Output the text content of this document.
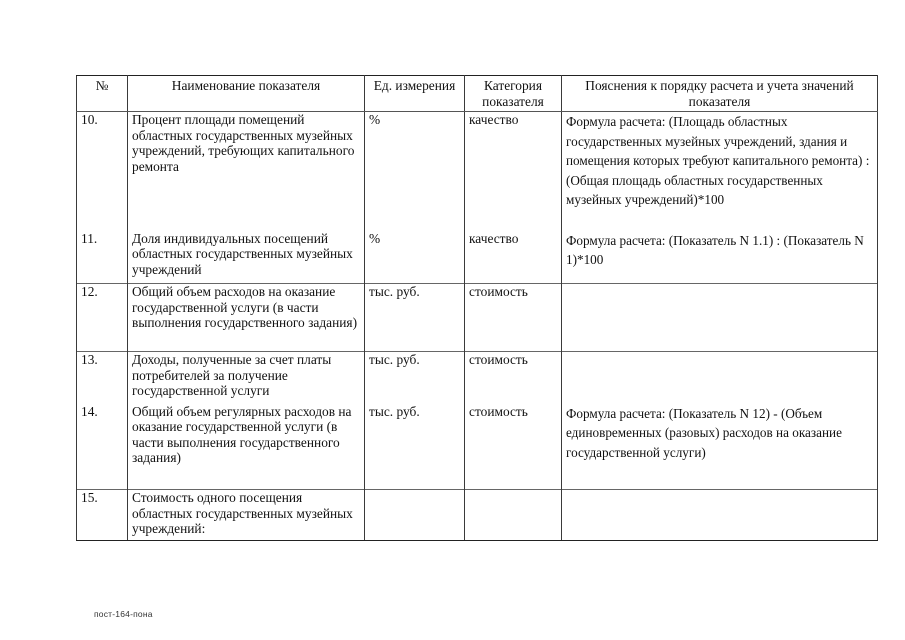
№	Наименование показателя	Ед. измерения	Категория показателя	Пояснения к порядку расчета и учета значений показателя
10.	Процент площади помещений областных государственных музейных учреждений, требующих капитального ремонта	%	качество	Формула расчета: (Площадь областных государственных музейных учреждений, здания и помещения которых требуют капитального ремонта) : (Общая площадь областных государственных музейных учреждений)*100
11.	Доля индивидуальных посещений областных государственных музейных учреждений	%	качество	Формула расчета: (Показатель N 1.1) : (Показатель N 1)*100
12.	Общий объем расходов на оказание государственной услуги (в части выполнения государственного задания)	тыс. руб.	стоимость	
13.	Доходы, полученные за счет платы потребителей за получение государственной услуги	тыс. руб.	стоимость	
14.	Общий объем регулярных расходов на оказание государственной услуги (в части выполнения государственного задания)	тыс. руб.	стоимость	Формула расчета: (Показатель N 12) - (Объем единовременных (разовых) расходов на оказание государственной услуги)
15.	Стоимость одного посещения областных государственных музейных учреждений:			
пост-164-пона
